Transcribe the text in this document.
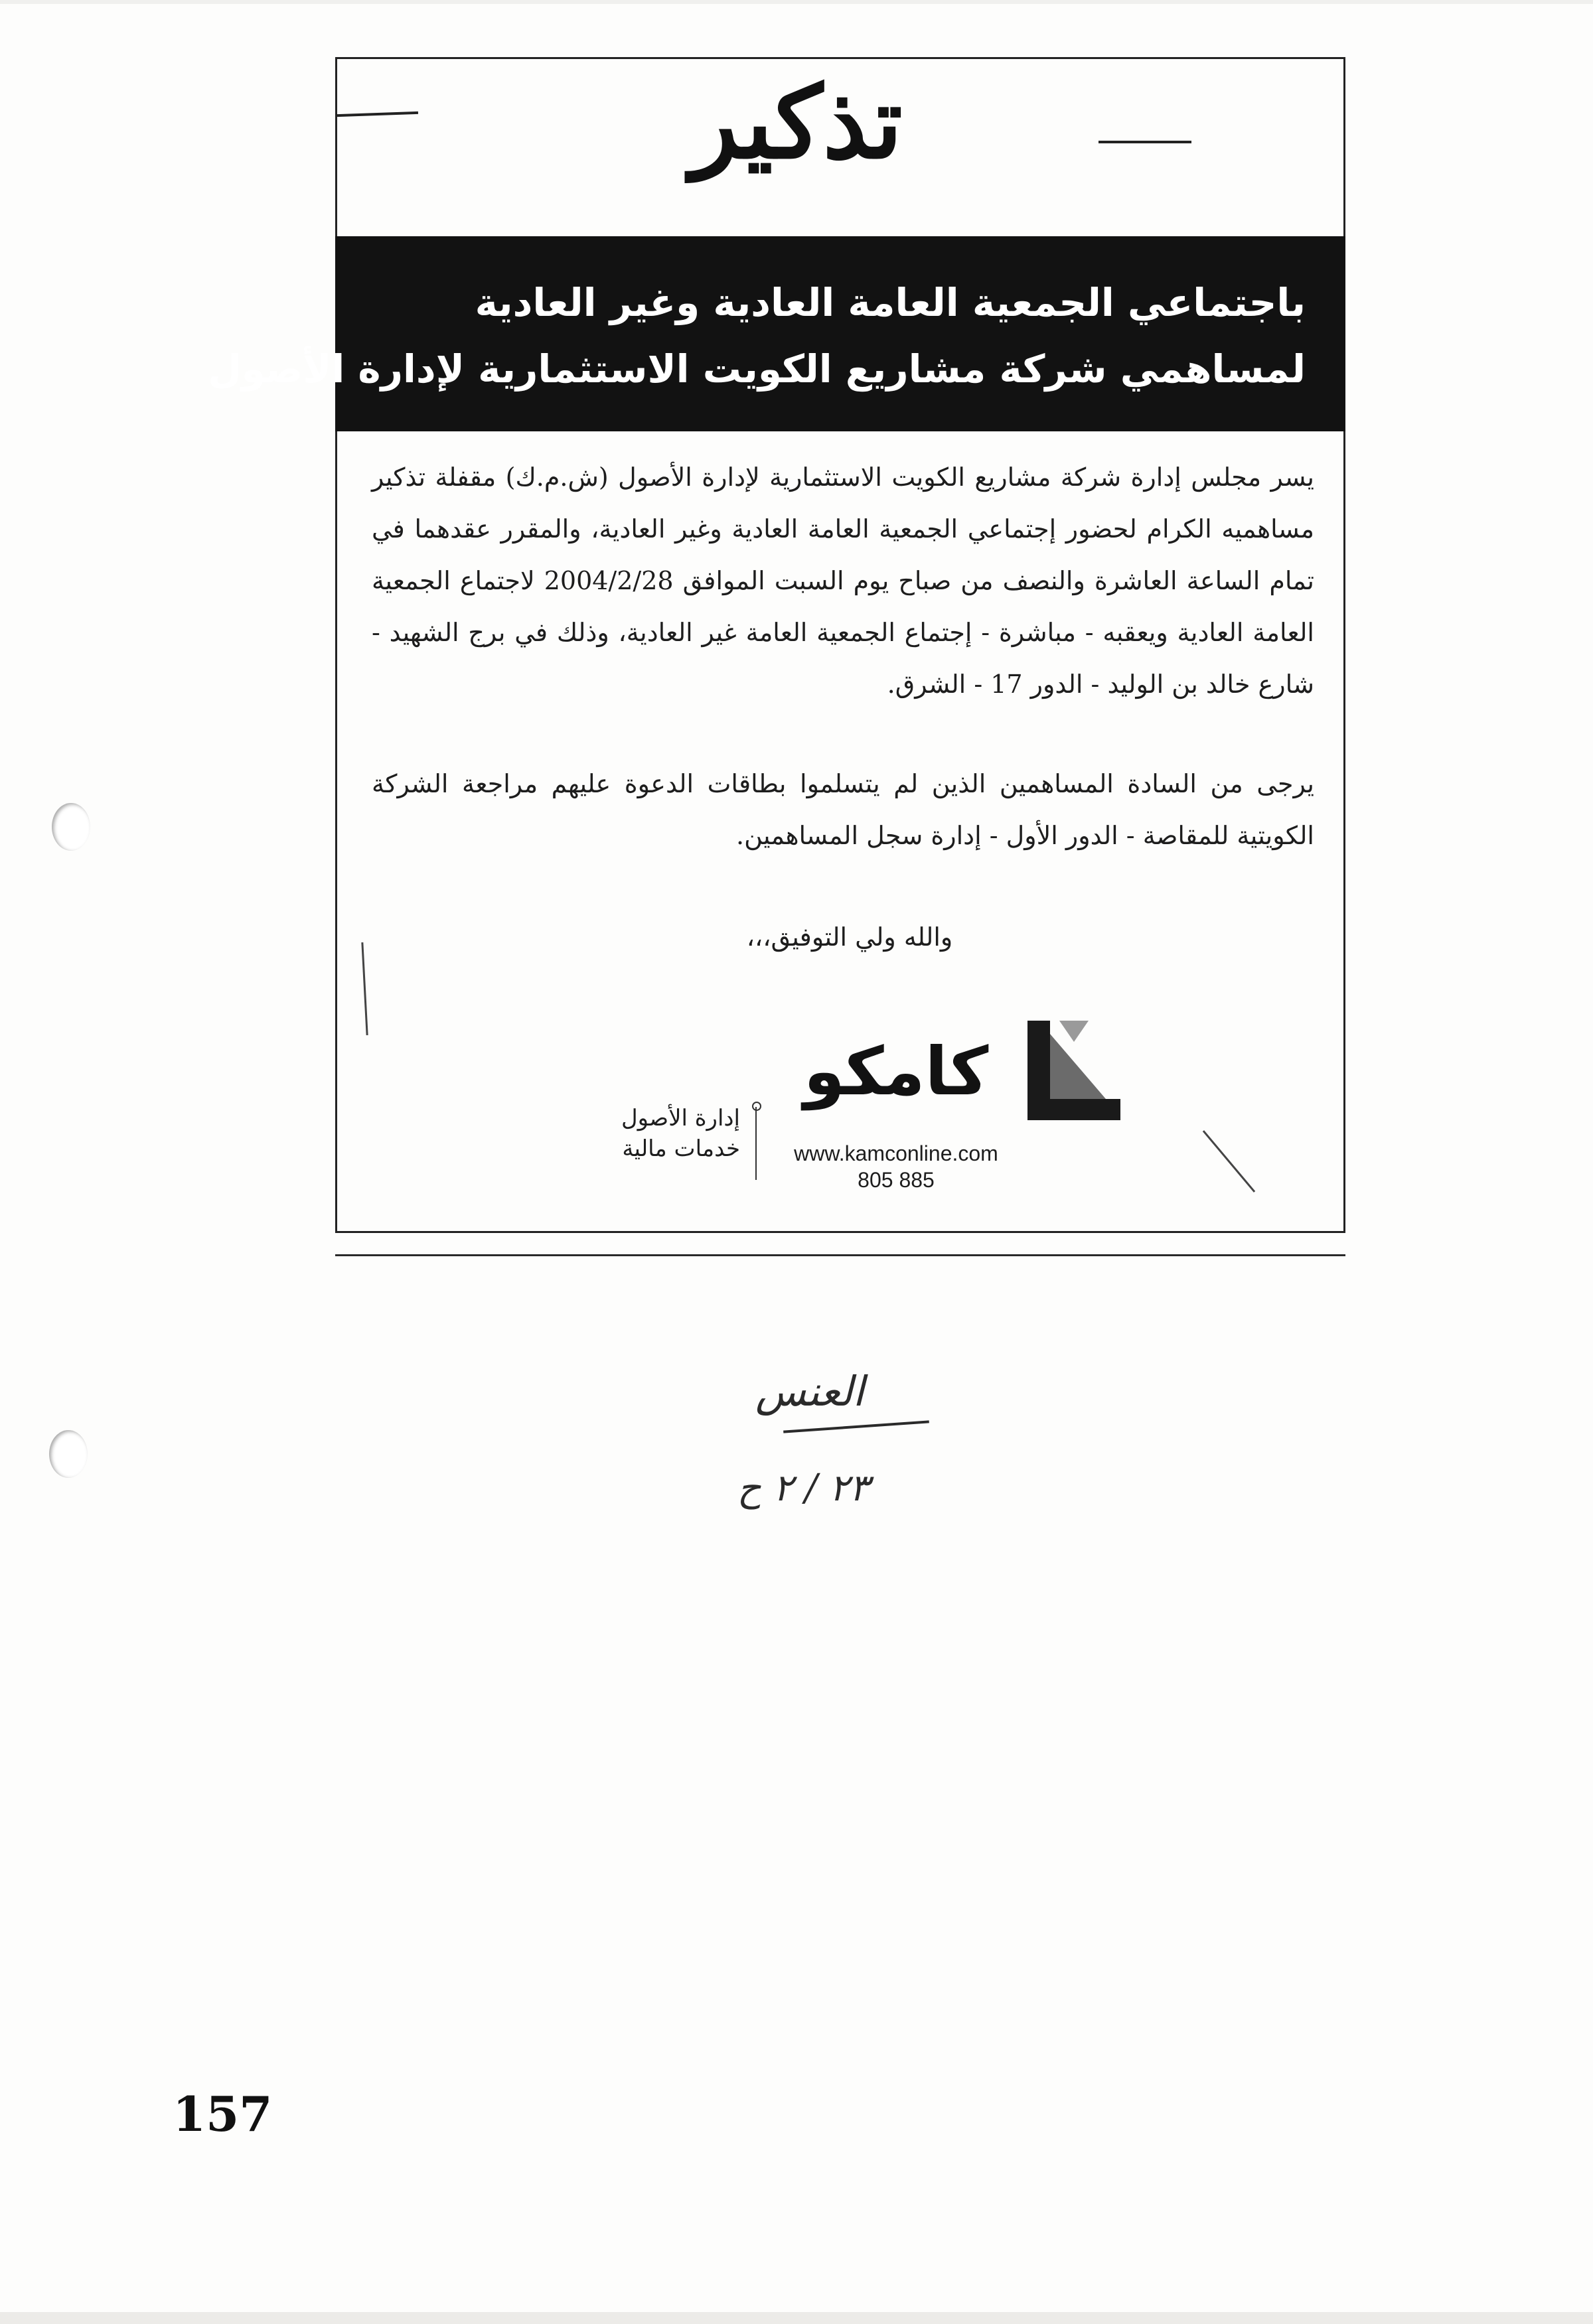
تذكير
باجتماعي الجمعية العامة العادية وغير العادية
لمساهمي شركة مشاريع الكويت الاستثمارية لإدارة الأصول

يسر مجلس إدارة شركة مشاريع الكويت الاستثمارية لإدارة الأصول (ش.م.ك) مقفلة تذكير مساهميه الكرام لحضور إجتماعي الجمعية العامة العادية وغير العادية، والمقرر عقدهما في تمام الساعة العاشرة والنصف من صباح يوم السبت الموافق 2004/2/28 لاجتماع الجمعية العامة العادية ويعقبه - مباشرة - إجتماع الجمعية العامة غير العادية، وذلك في برج الشهيد - شارع خالد بن الوليد - الدور 17 - الشرق.

يرجى من السادة المساهمين الذين لم يتسلموا بطاقات الدعوة عليهم مراجعة الشركة الكويتية للمقاصة - الدور الأول - إدارة سجل المساهمين.

والله ولي التوفيق،،،
كامكو
إدارة الأصول
خدمات مالية	www.kamconline.com
805 885
العنس
٢٣ / ٢ ح
157
